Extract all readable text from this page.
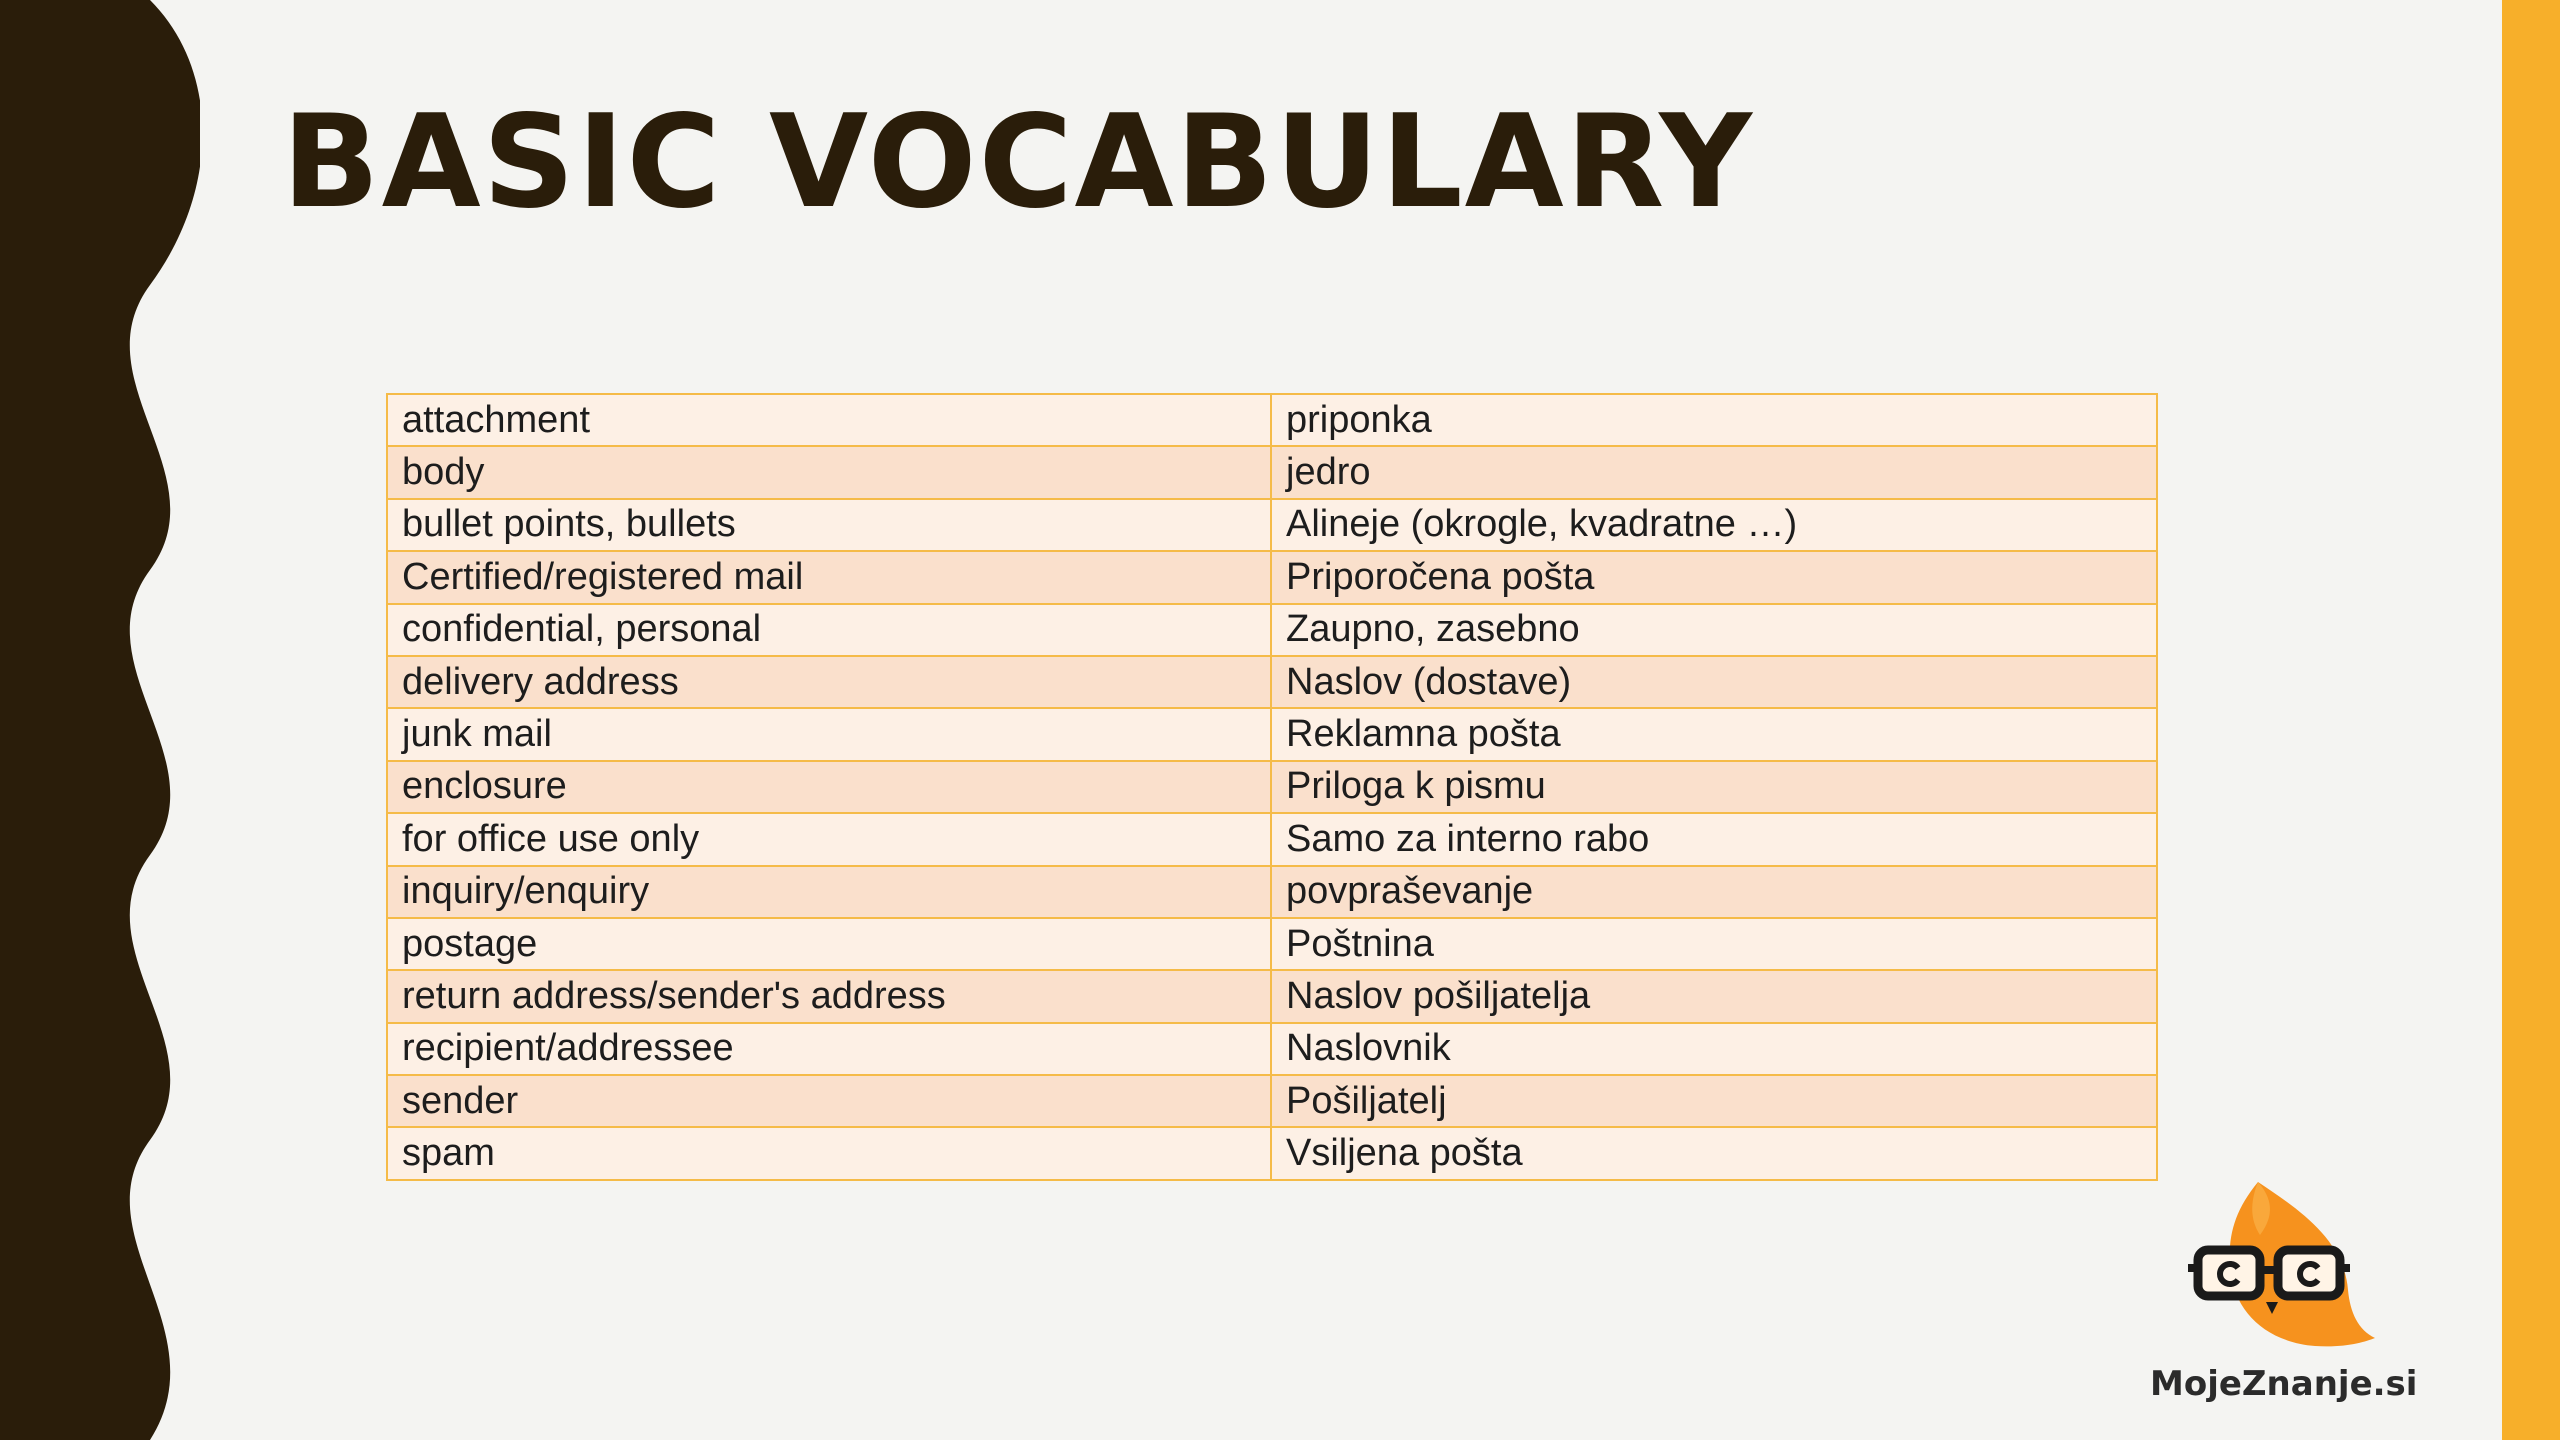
BASIC VOCABULARY
attachment	priponka
body	jedro
bullet points, bullets	Alineje (okrogle, kvadratne …)
Certified/registered mail	Priporočena pošta
confidential, personal	Zaupno, zasebno
delivery address	Naslov (dostave)
junk mail	Reklamna pošta
enclosure	Priloga k pismu
for office use only	Samo za interno rabo
inquiry/enquiry	povpraševanje
postage	Poštnina
return address/sender's address	Naslov pošiljatelja
recipient/addressee	Naslovnik
sender	Pošiljatelj
spam	Vsiljena pošta
MojeZnanje.si
